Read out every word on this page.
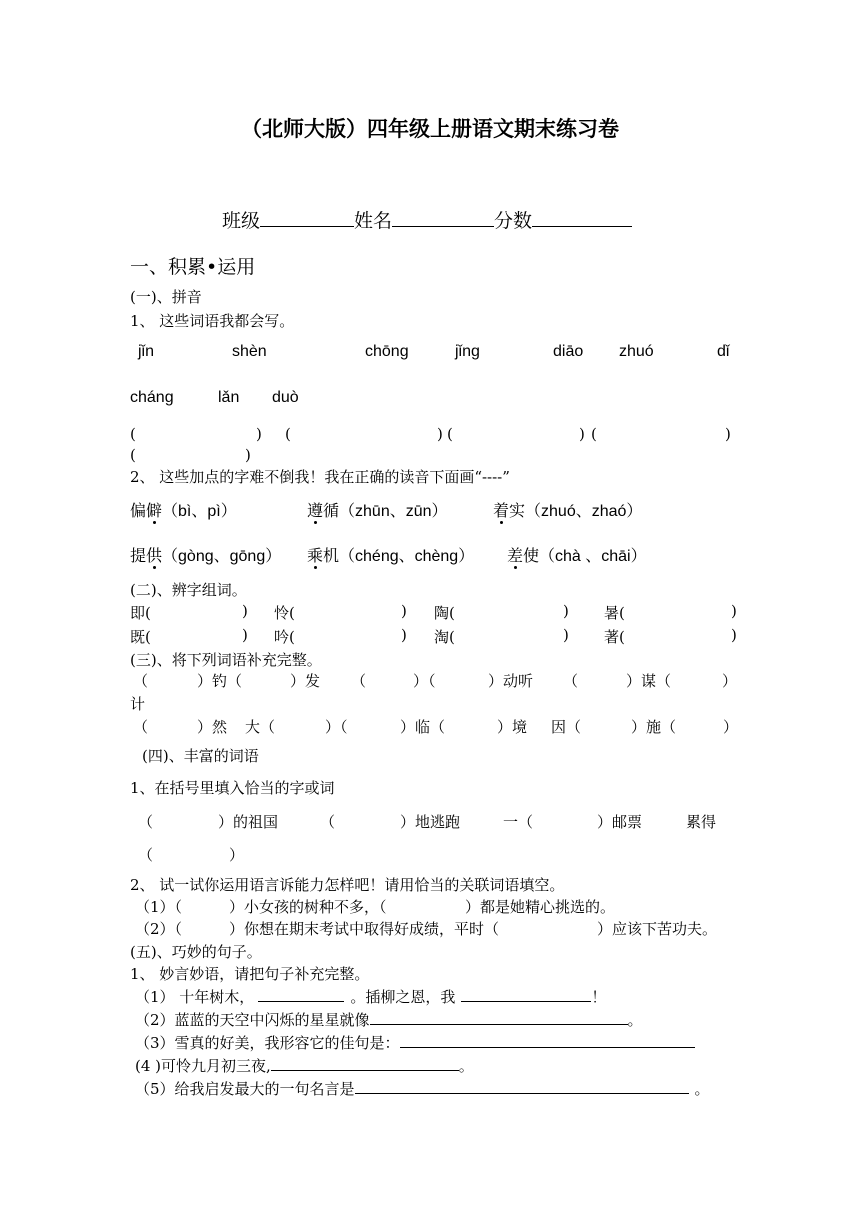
（北师大版）四年级上册语文期末练习卷
班级	姓名	分数
一、积累•运用
(一)、拼音
1、 这些词语我都会写。
jǐn	shèn	chōng	jǐng	diāo zhuó	dǐ
cháng	lǎn duò
(	) (	) (	) (	)
(	)
2、 这些加点的字难不倒我！我在正确的读音下面画“----”
偏僻（bì、pì）	遵循（zhūn、zūn）	着实（zhuó、zhaó）
提供（gòng、gōng） 乘机（chéng、chèng） 差使（chà 、chāi）
(二)、辨字组词。
即(	) 怜(	) 陶(	) 暑(	)
既(	) 吟(	) 淘(	) 著(	)
(三)、将下列词语补充完整。
（	）钓（	）发 （	）（	）动听 （	）谋（	）
计
（	）然 大（	）（	）临（	）境 因（	）施（	）
(四)、丰富的词语
1、在括号里填入恰当的字或词
（	）的祖国	（	）地逃跑	一（	）邮票	累得
（	）
2、 试一试你运用语言诉能力怎样吧！请用恰当的关联词语填空。
（1）（	）小女孩的树种不多，（	）都是她精心挑选的。
（2）（	）你想在期末考试中取得好成绩，平时（	）应该下苦功夫。
(五)、巧妙的句子。
1、 妙言妙语，请把句子补充完整。
（1） 十年树木，	。插柳之恩，我	！
（2）蓝蓝的天空中闪烁的星星就像	。
（3）雪真的好美，我形容它的佳句是：
(4 )可怜九月初三夜,	。
（5）给我启发最大的一句名言是	。
